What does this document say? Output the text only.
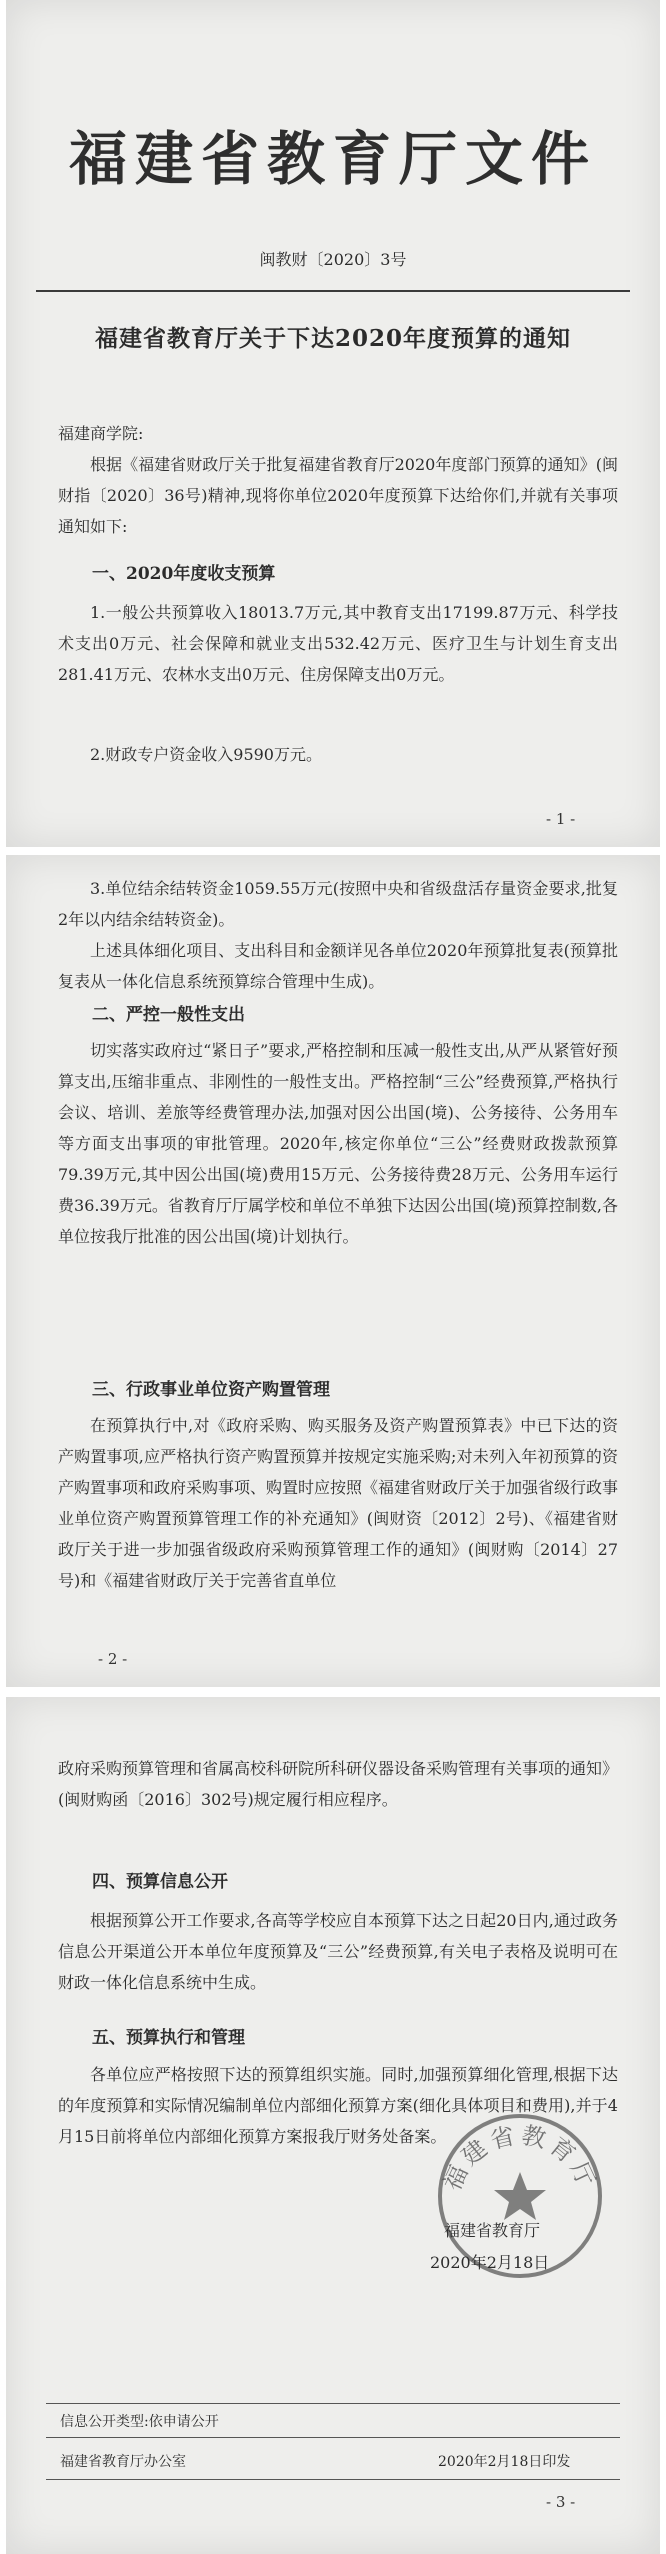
福建省教育厅文件
闽教财〔2020〕3号
福建省教育厅关于下达2020年度预算的通知
福建商学院:
根据《福建省财政厅关于批复福建省教育厅2020年度部门预算的通知》(闽财指〔2020〕36号)精神,现将你单位2020年度预算下达给你们,并就有关事项通知如下:
一、2020年度收支预算
1.一般公共预算收入18013.7万元,其中教育支出17199.87万元、科学技术支出0万元、社会保障和就业支出532.42万元、医疗卫生与计划生育支出281.41万元、农林水支出0万元、住房保障支出0万元。
2.财政专户资金收入9590万元。
- 1 -
3.单位结余结转资金1059.55万元(按照中央和省级盘活存量资金要求,批复2年以内结余结转资金)。
上述具体细化项目、支出科目和金额详见各单位2020年预算批复表(预算批复表从一体化信息系统预算综合管理中生成)。
二、严控一般性支出
切实落实政府过“紧日子”要求,严格控制和压减一般性支出,从严从紧管好预算支出,压缩非重点、非刚性的一般性支出。严格控制“三公”经费预算,严格执行会议、培训、差旅等经费管理办法,加强对因公出国(境)、公务接待、公务用车等方面支出事项的审批管理。2020年,核定你单位“三公”经费财政拨款预算79.39万元,其中因公出国(境)费用15万元、公务接待费28万元、公务用车运行费36.39万元。省教育厅厅属学校和单位不单独下达因公出国(境)预算控制数,各单位按我厅批准的因公出国(境)计划执行。
三、行政事业单位资产购置管理
在预算执行中,对《政府采购、购买服务及资产购置预算表》中已下达的资产购置事项,应严格执行资产购置预算并按规定实施采购;对未列入年初预算的资产购置事项和政府采购事项、购置时应按照《福建省财政厅关于加强省级行政事业单位资产购置预算管理工作的补充通知》(闽财资〔2012〕2号)、《福建省财政厅关于进一步加强省级政府采购预算管理工作的通知》(闽财购〔2014〕27号)和《福建省财政厅关于完善省直单位
- 2 -
政府采购预算管理和省属高校科研院所科研仪器设备采购管理有关事项的通知》(闽财购函〔2016〕302号)规定履行相应程序。
四、预算信息公开
根据预算公开工作要求,各高等学校应自本预算下达之日起20日内,通过政务信息公开渠道公开本单位年度预算及“三公”经费预算,有关电子表格及说明可在财政一体化信息系统中生成。
五、预算执行和管理
各单位应严格按照下达的预算组织实施。同时,加强预算细化管理,根据下达的年度预算和实际情况编制单位内部细化预算方案(细化具体项目和费用),并于4月15日前将单位内部细化预算方案报我厅财务处备案。
福建省教育厅
福建省教育厅
2020年2月18日
信息公开类型:依申请公开
福建省教育厅办公室	2020年2月18日印发
- 3 -
